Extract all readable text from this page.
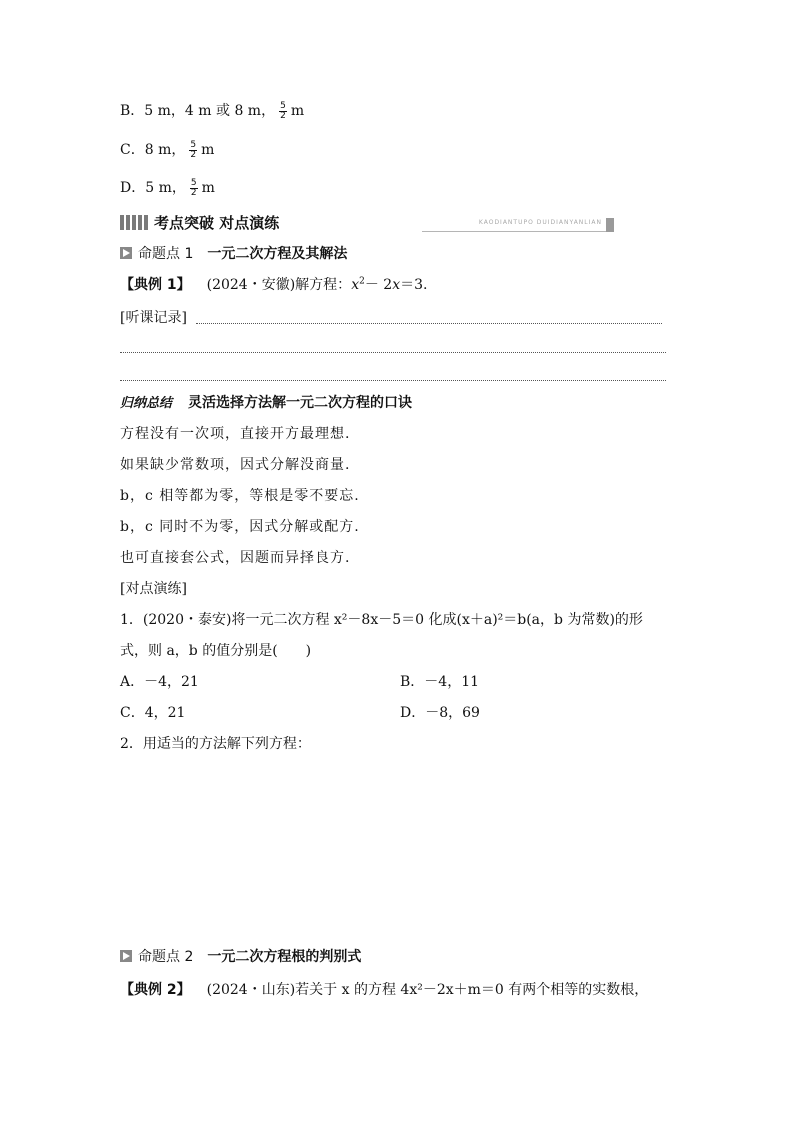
B．5 m，4 m 或 8 m， $\frac{5}{2}$ m
C．8 m， $\frac{5}{2}$ m
D．5 m， $\frac{5}{2}$ m
考点突破 对点演练	KAODIANTUPO DUIDIANYANLIAN
命题点 1 一元二次方程及其解法
【典例 1】 (2024・安徽)解方程：$x^2- 2x=3$.
[听课记录]
归纳总结 灵活选择方法解一元二次方程的口诀
方程没有一次项，直接开方最理想.
如果缺少常数项，因式分解没商量.
b，c 相等都为零，等根是零不要忘.
b，c 同时不为零，因式分解或配方.
也可直接套公式，因题而异择良方.
[对点演练]
1．(2020・泰安)将一元二次方程 x²－8x－5＝0 化成(x＋a)²＝b(a，b 为常数)的形
式，则 a，b 的值分别是(　　)
A．－4，21	B．－4，11
C．4，21	D．－8，69
2．用适当的方法解下列方程：
命题点 2 一元二次方程根的判别式
【典例 2】 (2024・山东)若关于 x 的方程 4x²－2x＋m＝0 有两个相等的实数根，
